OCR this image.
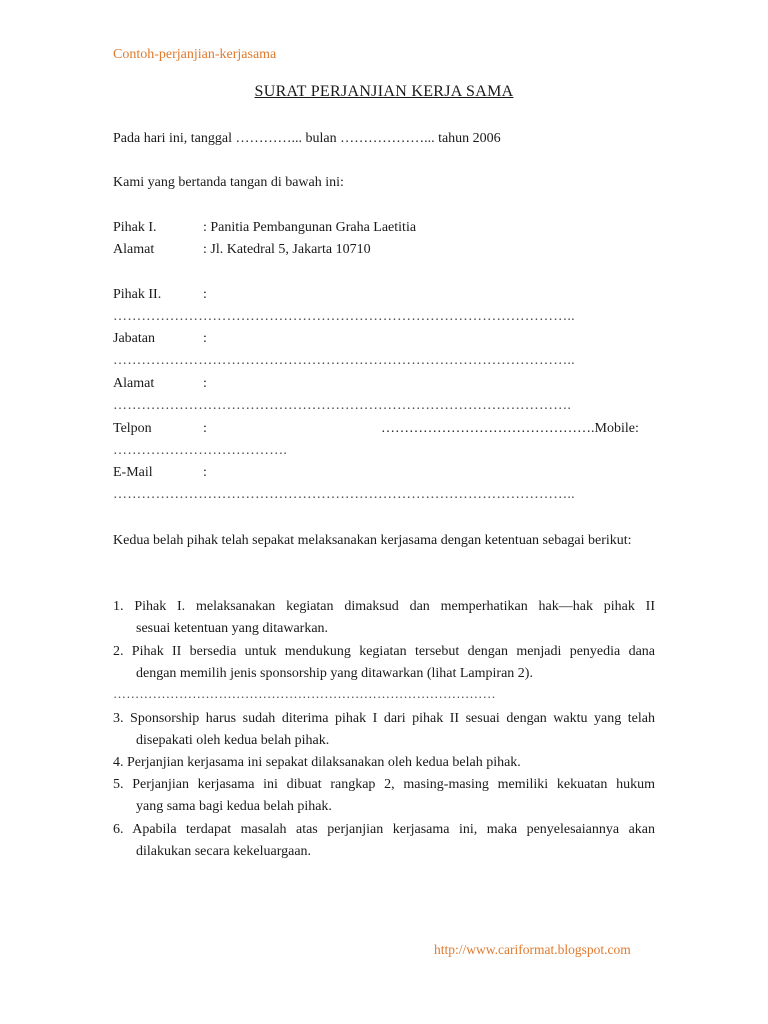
Contoh-perjanjian-kerjasama
SURAT PERJANJIAN KERJA SAMA
Pada hari ini, tanggal …………... bulan ………………... tahun 2006
Kami yang bertanda tangan di bawah ini:
Pihak I.	: Panitia Pembangunan Graha Laetitia
Alamat	: Jl. Katedral 5, Jakarta 10710
Pihak II.	:
……………………………………………………………………………………..
Jabatan	:
……………………………………………………………………………………..
Alamat	:
…………………………………………………………………………………….
Telpon	:	……………………………………….Mobile:
……………………………….
E-Mail	:
……………………………………………………………………………………..
Kedua belah pihak telah sepakat melaksanakan kerjasama dengan ketentuan sebagai berikut:
1. Pihak I. melaksanakan kegiatan dimaksud dan memperhatikan hak—hak pihak II
sesuai ketentuan yang ditawarkan.
2. Pihak II bersedia untuk mendukung kegiatan tersebut dengan menjadi penyedia dana
dengan memilih jenis sponsorship yang ditawarkan (lihat Lampiran 2).
……………………………………………………………………………
3. Sponsorship harus sudah diterima pihak I dari pihak II sesuai dengan waktu yang telah
disepakati oleh kedua belah pihak.
4. Perjanjian kerjasama ini sepakat dilaksanakan oleh kedua belah pihak.
5. Perjanjian kerjasama ini dibuat rangkap 2, masing-masing memiliki kekuatan hukum
yang sama bagi kedua belah pihak.
6. Apabila terdapat masalah atas perjanjian kerjasama ini, maka penyelesaiannya akan
dilakukan secara kekeluargaan.
http://www.cariformat.blogspot.com
